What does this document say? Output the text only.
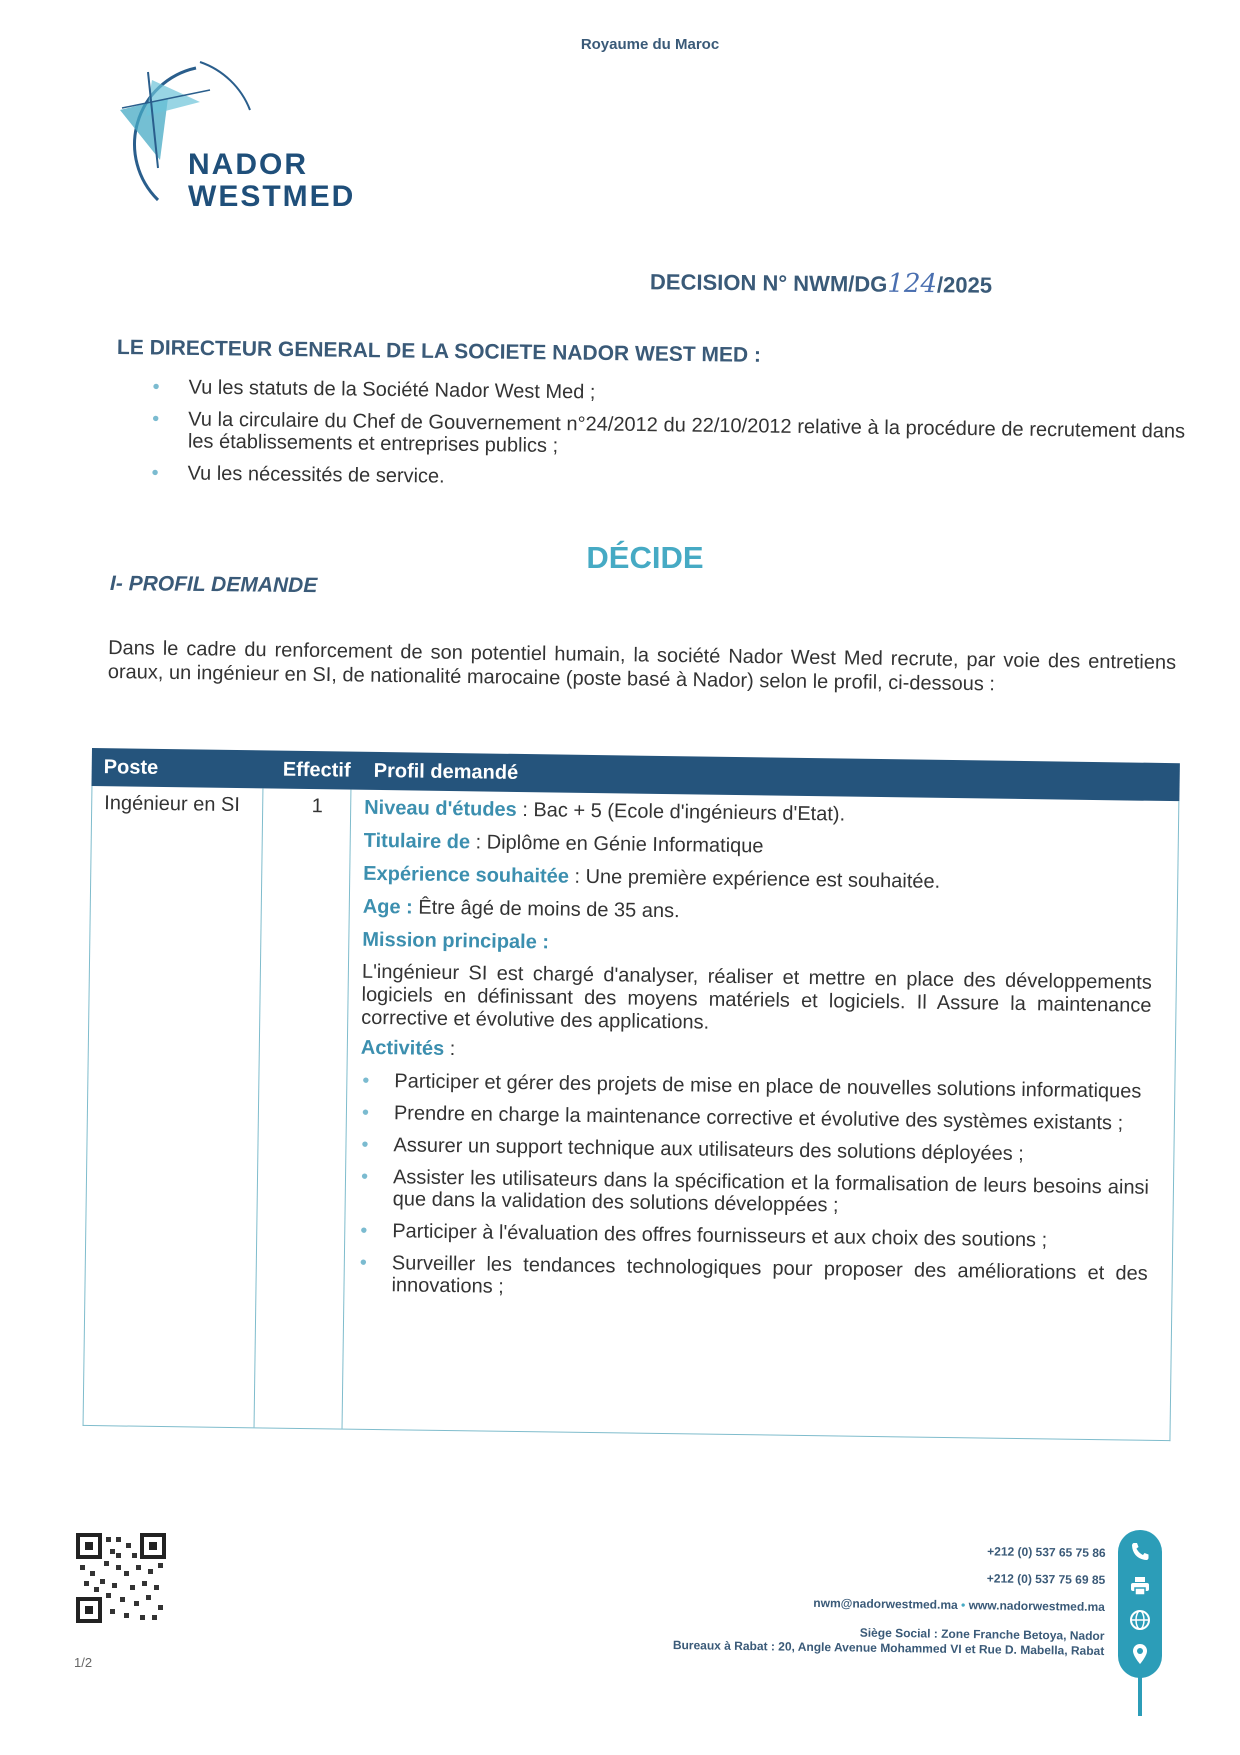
Royaume du Maroc
NADOR
WESTMED
DECISION N° NWM/DG124/2025
LE DIRECTEUR GENERAL DE LA SOCIETE NADOR WEST MED :
• Vu les statuts de la Société Nador West Med ;
• Vu la circulaire du Chef de Gouvernement n°24/2012 du 22/10/2012 relative à la procédure de recrutement dans les établissements et entreprises publics ;
• Vu les nécessités de service.
DÉCIDE
I- PROFIL DEMANDE

Dans le cadre du renforcement de son potentiel humain, la société Nador West Med recrute, par voie des entretiens oraux, un ingénieur en SI, de nationalité marocaine (poste basé à Nador) selon le profil, ci-dessous :

Poste	Effectif	Profil demandé
Ingénieur en SI	1	Niveau d'études : Bac + 5 (Ecole d'ingénieurs d'Etat).

Titulaire de : Diplôme en Génie Informatique

Expérience souhaitée : Une première expérience est souhaitée.

Age : Être âgé de moins de 35 ans.

Mission principale :

L'ingénieur SI est chargé d'analyser, réaliser et mettre en place des développements logiciels en définissant des moyens matériels et logiciels. Il Assure la maintenance corrective et évolutive des applications.

Activités :

• Participer et gérer des projets de mise en place de nouvelles solutions informatiques
• Prendre en charge la maintenance corrective et évolutive des systèmes existants ;
• Assurer un support technique aux utilisateurs des solutions déployées ;
• Assister les utilisateurs dans la spécification et la formalisation de leurs besoins ainsi que dans la validation des solutions développées ;
• Participer à l'évaluation des offres fournisseurs et aux choix des soutions ;
• Surveiller les tendances technologiques pour proposer des améliorations et des innovations ;
1/2
+212 (0) 537 65 75 86
+212 (0) 537 75 69 85
nwm@nadorwestmed.ma • www.nadorwestmed.ma
Siège Social : Zone Franche Betoya, Nador
Bureaux à Rabat : 20, Angle Avenue Mohammed VI et Rue D. Mabella, Rabat
